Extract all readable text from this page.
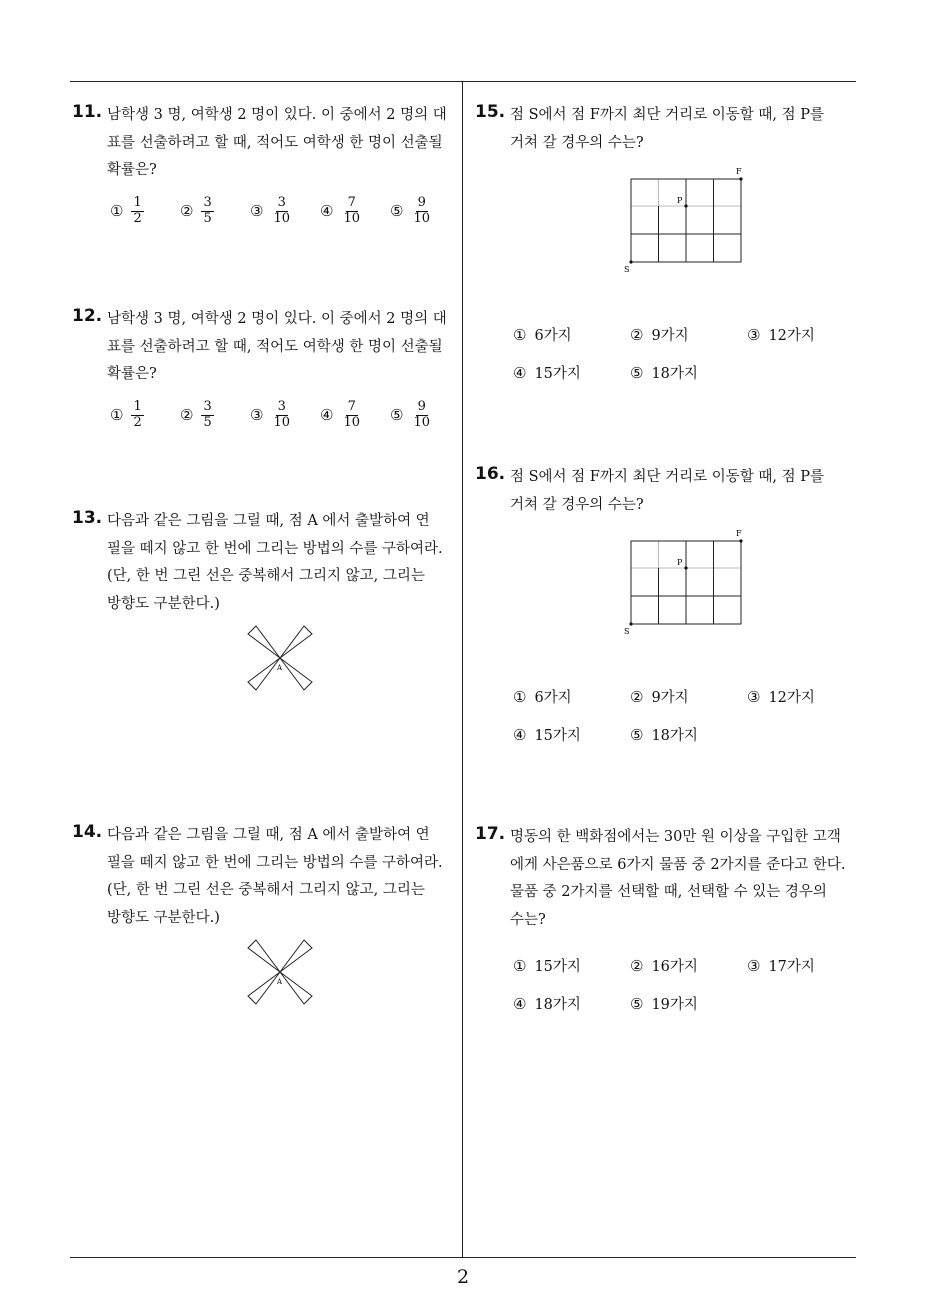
11. 남학생 3 명, 여학생 2 명이 있다. 이 중에서 2 명의 대
표를 선출하려고 할 때, 적어도 여학생 한 명이 선출될
확률은?
① $\frac{1}{2}$ ② $\frac{3}{5}$ ③ $\frac{3}{10}$ ④ $\frac{7}{10}$ ⑤ $\frac{9}{10}$
12. 남학생 3 명, 여학생 2 명이 있다. 이 중에서 2 명의 대
표를 선출하려고 할 때, 적어도 여학생 한 명이 선출될
확률은?
① $\frac{1}{2}$ ② $\frac{3}{5}$ ③ $\frac{3}{10}$ ④ $\frac{7}{10}$ ⑤ $\frac{9}{10}$
13. 다음과 같은 그림을 그릴 때, 점 A 에서 출발하여 연
필을 떼지 않고 한 번에 그리는 방법의 수를 구하여라.
(단, 한 번 그린 선은 중복해서 그리지 않고, 그리는
방향도 구분한다.)
A
14. 다음과 같은 그림을 그릴 때, 점 A 에서 출발하여 연
필을 떼지 않고 한 번에 그리는 방법의 수를 구하여라.
(단, 한 번 그린 선은 중복해서 그리지 않고, 그리는
방향도 구분한다.)
A
15. 점 S에서 점 F까지 최단 거리로 이동할 때, 점 P를
거쳐 갈 경우의 수는?
S
F
P
① 6가지	② 9가지	③ 12가지
④ 15가지	⑤ 18가지
16. 점 S에서 점 F까지 최단 거리로 이동할 때, 점 P를
거쳐 갈 경우의 수는?
S
F
P
① 6가지	② 9가지	③ 12가지
④ 15가지	⑤ 18가지
17. 명동의 한 백화점에서는 30만 원 이상을 구입한 고객
에게 사은품으로 6가지 물품 중 2가지를 준다고 한다.
물품 중 2가지를 선택할 때, 선택할 수 있는 경우의
수는?
① 15가지	② 16가지	③ 17가지
④ 18가지	⑤ 19가지
2
